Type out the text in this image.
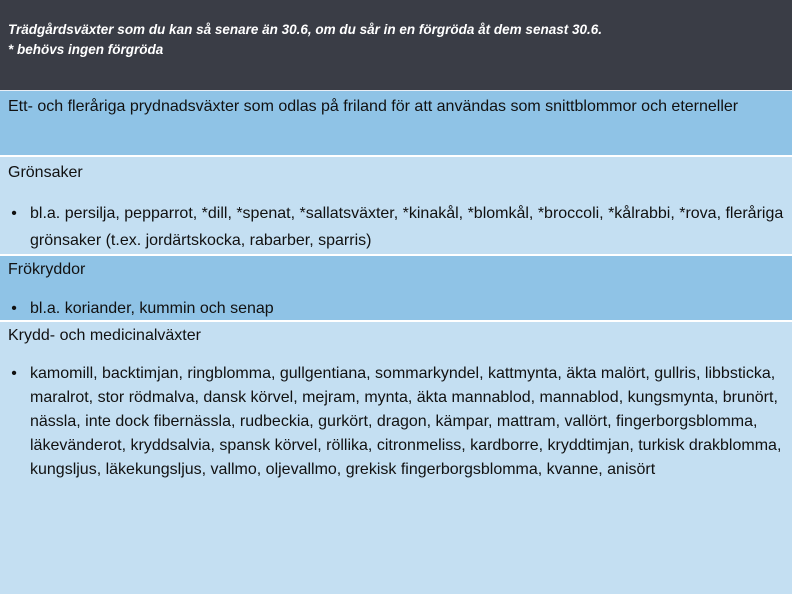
Trädgårdsväxter som du kan så senare än 30.6, om du sår in en förgröda åt dem senast 30.6.
* behövs ingen förgröda
Ett- och fleråriga prydnadsväxter som odlas på friland för att användas som snittblommor och eterneller
Grönsaker
• bl.a. persilja, pepparrot, *dill, *spenat, *sallatsväxter, *kinakål, *blomkål, *broccoli, *kålrabbi, *rova, fleråriga grönsaker (t.ex. jordärtskocka, rabarber, sparris)
Frökryddor
• bl.a. koriander, kummin och senap
Krydd- och medicinalväxter
• kamomill, backtimjan, ringblomma, gullgentiana, sommarkyndel, kattmynta, äkta malört, gullris, libbsticka, maralrot, stor rödmalva, dansk körvel, mejram, mynta, äkta mannablod, mannablod, kungsmynta, brunört, nässla, inte dock fibernässla, rudbeckia, gurkört, dragon, kämpar, mattram, vallört, fingerborgsblomma, läkevänderot, kryddsalvia, spansk körvel, röllika, citronmeliss, kardborre, kryddtimjan, turkisk drakblomma, kungsljus, läkekungsljus, vallmo, oljevallmo, grekisk fingerborgsblomma, kvanne, anisört
